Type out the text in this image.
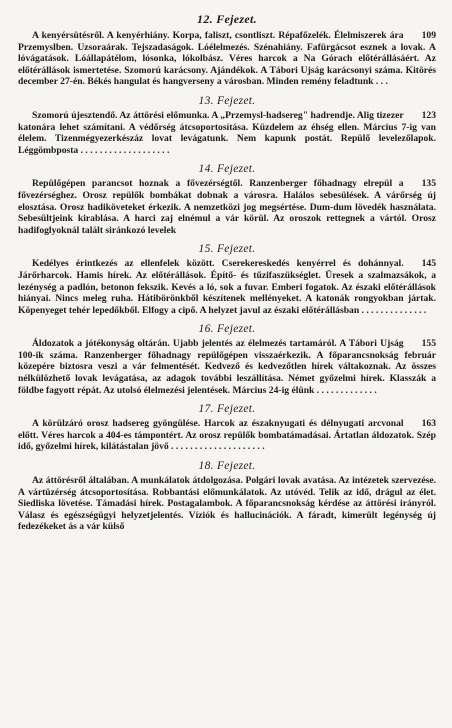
12. Fejezet.

109
A kenyérsütésről. A kenyérhiány. Korpa, faliszt, csontliszt. Répafőzelék. Élelmiszerek ára Przemyslben. Uzsoraárak. Tejszadaságok. Lóélelmezés. Szénahiány. Fafürgácsot esznek a lovak. A lóvágatások. Lóállapátélom, lósonka, lókolbász. Véres harcok a Na Górach előtérállásáért. Az előtérállások ismertetése. Szomorú karácsony. Ajándékok. A Tábori Ujság karácsonyi száma. Kitörés december 27-én. Békés hangulat és hangverseny a városban. Minden remény feladtunk . . .

13. Fejezet.

123
Szomorú újesztendő. Az áttörési előmunka. A „Przemysl-hadsereg" hadrendje. Alig tizezer katonára lehet számítani. A védőrség átcsoportosítása. Küzdelem az éhség ellen. Március 7-ig van élelem. Tizenmégyezerkészáz lovat levágatunk. Nem kapunk postát. Repülő levelezőlapok. Léggömbposta . . . . . . . . . . . . . . . . . . .

14. Fejezet.

135
Repülőgépen parancsot hoznak a fővezérségtől. Ranzenberger főhadnagy elrepül a fővezérséghez. Orosz repülők bombákat dobnak a városra. Halálos sebesülések. A várőrség új elosztása. Orosz hadiköveteket érkezik. A nemzetközi jog megsértése. Dum-dum lövedék használata. Sebesültjeink kirablása. A harci zaj elnémul a vár körül. Az oroszok rettegnek a vártól. Orosz hadifoglyoknál talált siránkozó levelek

15. Fejezet.

145
Kedélyes érintkezés az ellenfelek között. Cserekereskedés kenyérrel és dohánnyal. Járőrharcok. Hamis hírek. Az előtérállások. Építő- és tűzifaszükséglet. Üresek a szalmazsákok, a lezénység a padlón, betonon fekszik. Kevés a ló, sok a fuvar. Emberi fogatok. Az északi előtérállások hiányai. Nincs meleg ruha. Hátibörönkből készítenek mellényeket. A katonák rongyokban jártak. Köpenyeget tehér lepedőkből. Elfogy a cipő. A helyzet javul az északi előtérállásban . . . . . . . . . . . . . .

16. Fejezet.

155
Áldozatok a jótékonyság oltárán. Ujabb jelentés az élelmezés tartamáról. A Tábori Ujság 100-ik száma. Ranzenberger főhadnagy repülőgépen visszaérkezik. A főparancsnokság február közepére biztosra veszi a vár felmentését. Kedvező és kedvezőtlen hírek váltakoznak. Az összes nélkülözhető lovak levágatása, az adagok további leszállítása. Német győzelmi hírek. Klasszák a földbe fagyott répát. Az utolsó élelmezési jelentések. Március 24-ig élünk . . . . . . . . . . . . .

17. Fejezet.

163
A körülzáró orosz hadsereg gyöngülése. Harcok az északnyugati és délnyugati arcvonal előtt. Véres harcok a 404-es támpontért. Az orosz repülők bombatámadásai. Ártatlan áldozatok. Szép idő, győzelmi hírek, kilátástalan jövő . . . . . . . . . . . . . . . . . . . .

18. Fejezet.

Az áttörésről általában. A munkálatok átdolgozása. Polgári lovak avatása. Az intézetek szervezése. A vártüzérség átcsoportosítása. Robbantási előmunkálatok. Az utóvéd. Telik az idő, drágul az élet. Siedliska lövetése. Támadási hírek. Postagalambok. A főparancsnokság kérdése az áttörési irányról. Válasz és egészségügyi helyzetjelentés. Víziók és hallucinációk. A fáradt, kimerült legénység új fedezékeket ás a vár külső
